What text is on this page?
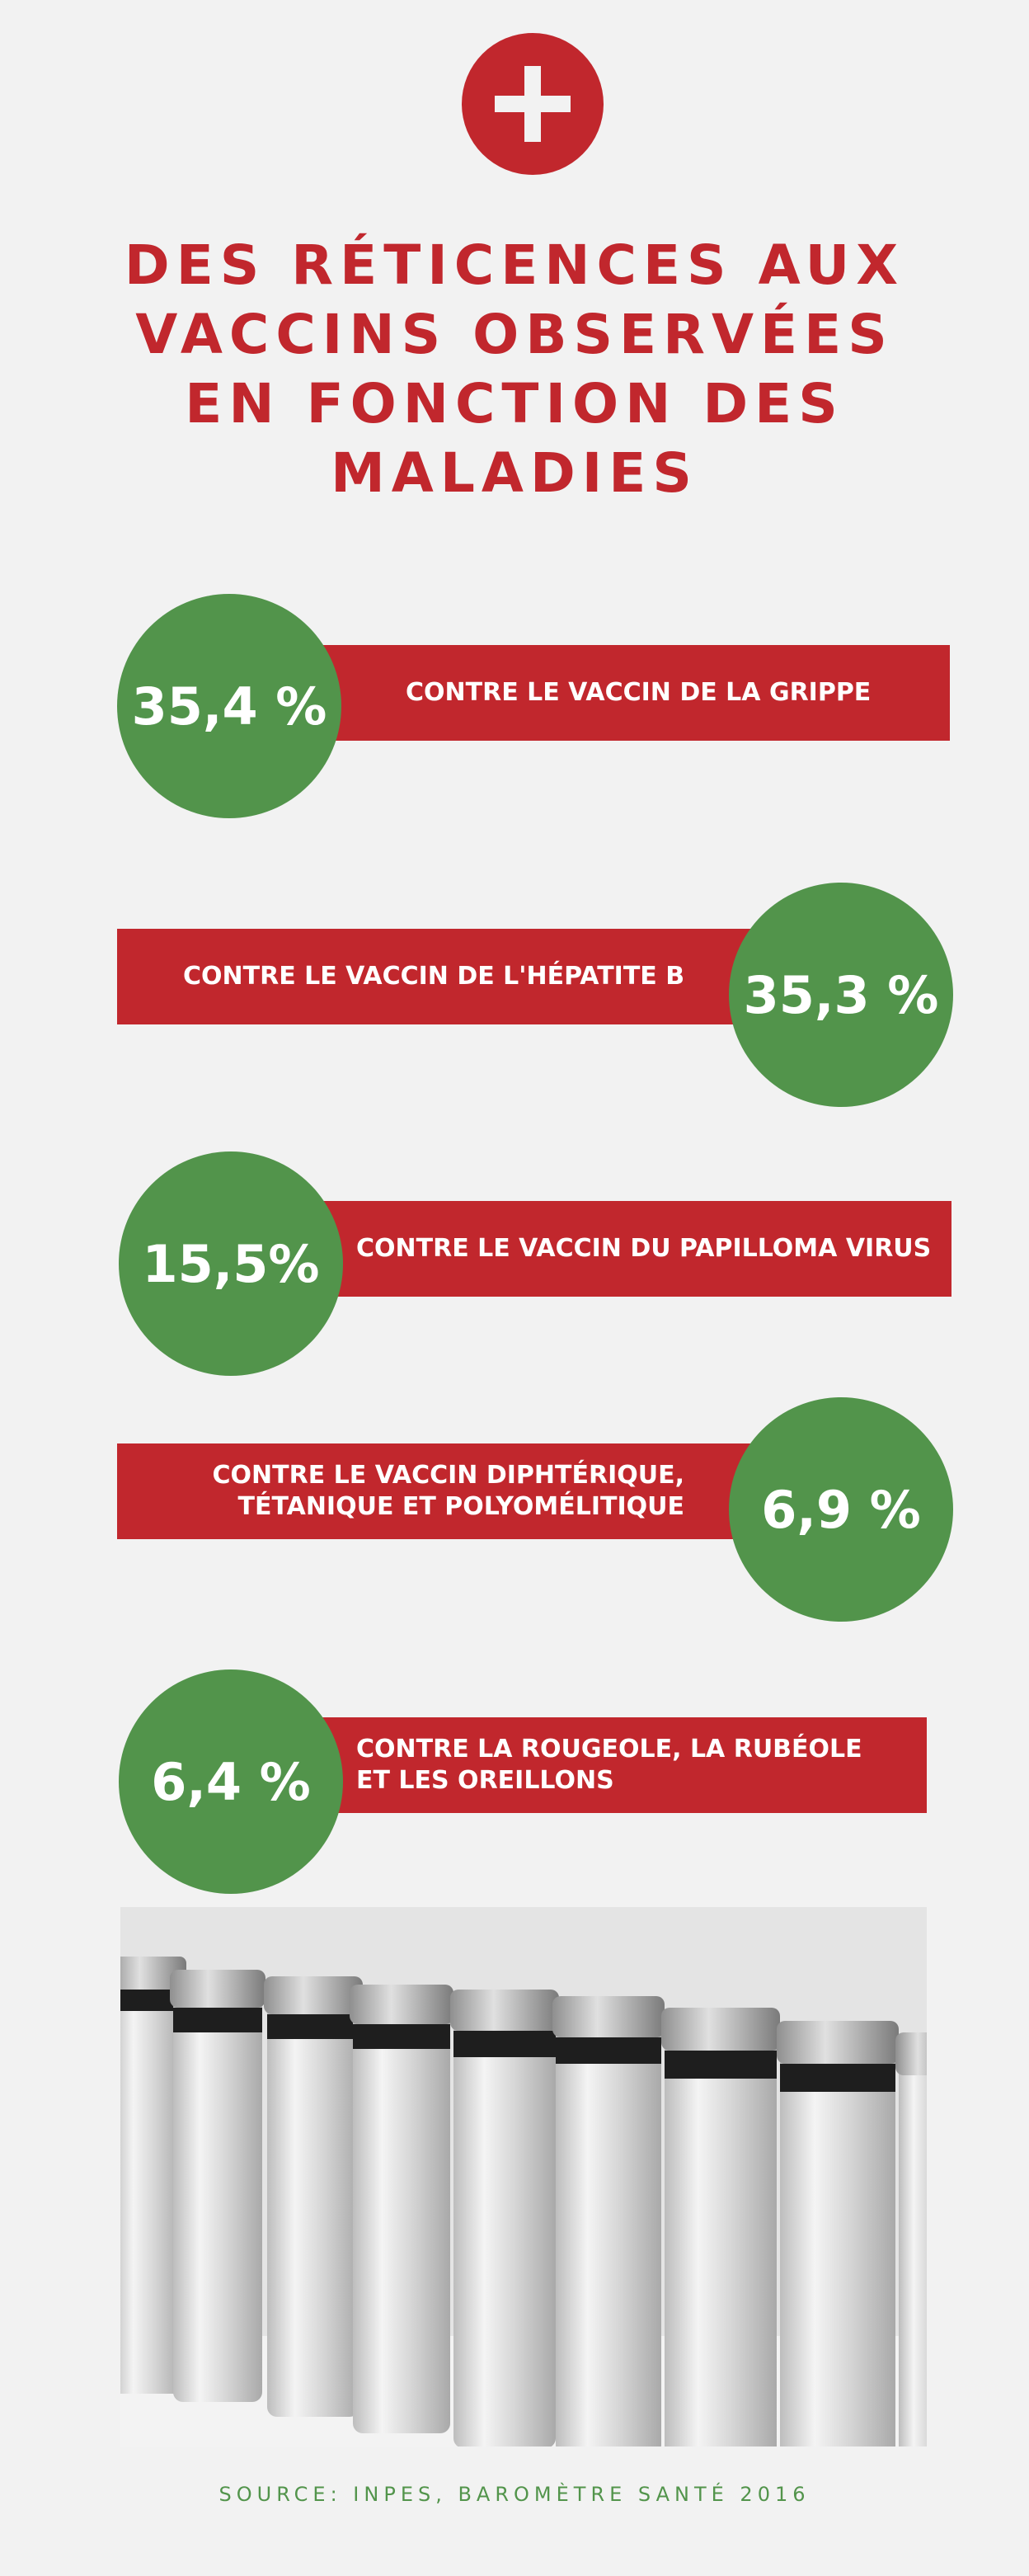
DES RÉTICENCES AUX
VACCINS OBSERVÉES
EN FONCTION DES
MALADIES
CONTRE LE VACCIN DE LA GRIPPE
35,4 %
CONTRE LE VACCIN DE L'HÉPATITE B 35,3 %
CONTRE LE VACCIN DU PAPILLOMA VIRUS
15,5%
CONTRE LE VACCIN DIPHTÉRIQUE,
TÉTANIQUE ET POLYOMÉLITIQUE	6,9 %
CONTRE LA ROUGEOLE, LA RUBÉOLE
ET LES OREILLONS
6,4 %
SOURCE: INPES, BAROMÈTRE SANTÉ 2016
